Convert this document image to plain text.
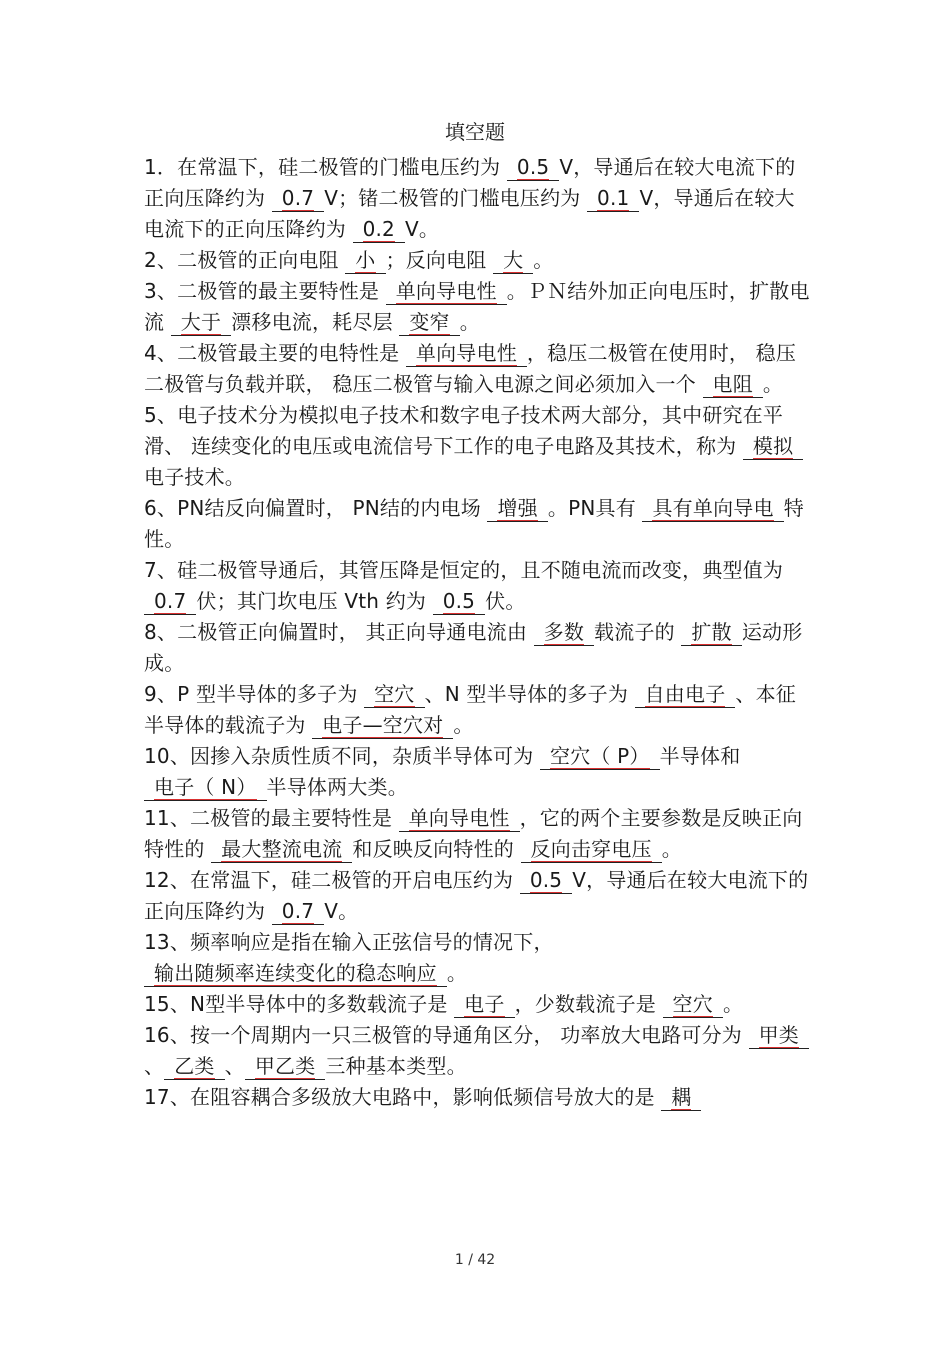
填空题

1．在常温下，硅二极管的门槛电压约为 0.5 V，导通后在较大电流下的正向压降约为 0.7 V；锗二极管的门槛电压约为 0.1 V，导通后在较大电流下的正向压降约为 0.2 V。

2、二极管的正向电阻 小 ；反向电阻 大 。

3、二极管的最主要特性是 单向导电性 。ＰＮ结外加正向电压时，扩散电流 大于 漂移电流，耗尽层 变窄 。

4、二极管最主要的电特性是 单向导电性 ，稳压二极管在使用时， 稳压二极管与负载并联， 稳压二极管与输入电源之间必须加入一个 电阻 。

5、电子技术分为模拟电子技术和数字电子技术两大部分，其中研究在平滑、 连续变化的电压或电流信号下工作的电子电路及其技术，称为 模拟电子技术。

6、PN结反向偏置时， PN结的内电场 增强 。PN具有 具有单向导电 特性。

7、硅二极管导通后，其管压降是恒定的，且不随电流而改变，典型值为 0.7 伏；其门坎电压 Vth 约为 0.5 伏。

8、二极管正向偏置时， 其正向导通电流由 多数 载流子的 扩散 运动形成。

9、P 型半导体的多子为 空穴 、N 型半导体的多子为 自由电子 、本征半导体的载流子为 电子—空穴对 。

10、因掺入杂质性质不同，杂质半导体可为 空穴（ P） 半导体和 电子（ N） 半导体两大类。

11、二极管的最主要特性是 单向导电性 ，它的两个主要参数是反映正向特性的 最大整流电流 和反映反向特性的 反向击穿电压 。

12、在常温下，硅二极管的开启电压约为 0.5 V，导通后在较大电流下的正向压降约为 0.7 V。

13、频率响应是指在输入正弦信号的情况下， 输出随频率连续变化的稳态响应 。

15、N型半导体中的多数载流子是 电子 ，少数载流子是 空穴 。

16、按一个周期内一只三极管的导通角区分， 功率放大电路可分为 甲类、 乙类 、 甲乙类 三种基本类型。

17、在阻容耦合多级放大电路中，影响低频信号放大的是 耦

1 / 42
